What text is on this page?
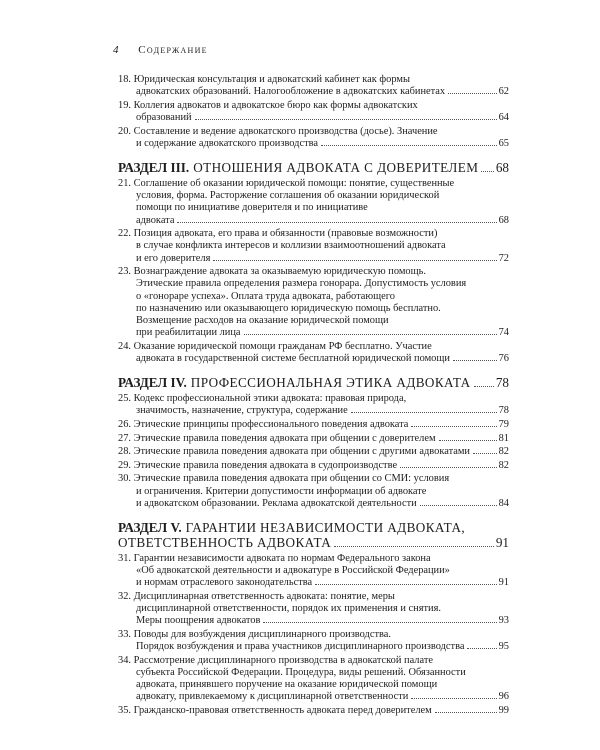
4 Содержание
18. Юридическая консультация и адвокатский кабинет как формы
адвокатских образований. Налогообложение в адвокатских кабинетах	62
19. Коллегия адвокатов и адвокатское бюро как формы адвокатских
образований	64
20. Составление и ведение адвокатского производства (досье). Значение
и содержание адвокатского производства	65
РАЗДЕЛ III. ОТНОШЕНИЯ АДВОКАТА С ДОВЕРИТЕЛЕМ 68
21. Соглашение об оказании юридической помощи: понятие, существенные
условия, форма. Расторжение соглашения об оказании юридической
помощи по инициативе доверителя и по инициативе
адвоката	68
22. Позиция адвоката, его права и обязанности (правовые возможности)
в случае конфликта интересов и коллизии взаимоотношений адвоката
и его доверителя	72
23. Вознаграждение адвоката за оказываемую юридическую помощь.
Этические правила определения размера гонорара. Допустимость условия
о «гонораре успеха». Оплата труда адвоката, работающего
по назначению или оказывающего юридическую помощь бесплатно.
Возмещение расходов на оказание юридической помощи
при реабилитации лица	74
24. Оказание юридической помощи гражданам РФ бесплатно. Участие
адвоката в государственной системе бесплатной юридической помощи	76
РАЗДЕЛ IV. ПРОФЕССИОНАЛЬНАЯ ЭТИКА АДВОКАТА 78
25. Кодекс профессиональной этики адвоката: правовая природа,
значимость, назначение, структура, содержание	78
26. Этические принципы профессионального поведения адвоката	79
27. Этические правила поведения адвоката при общении с доверителем	81
28. Этические правила поведения адвоката при общении с другими адвокатами	82
29. Этические правила поведения адвоката в судопроизводстве	82
30. Этические правила поведения адвоката при общении со СМИ: условия
и ограничения. Критерии допустимости информации об адвокате
и адвокатском образовании. Реклама адвокатской деятельности	84
РАЗДЕЛ V. ГАРАНТИИ НЕЗАВИСИМОСТИ АДВОКАТА,
ОТВЕТСТВЕННОСТЬ АДВОКАТА	91
31. Гарантии независимости адвоката по нормам Федерального закона
«Об адвокатской деятельности и адвокатуре в Российской Федерации»
и нормам отраслевого законодательства	91
32. Дисциплинарная ответственность адвоката: понятие, меры
дисциплинарной ответственности, порядок их применения и снятия.
Меры поощрения адвокатов	93
33. Поводы для возбуждения дисциплинарного производства.
Порядок возбуждения и права участников дисциплинарного производства	95
34. Рассмотрение дисциплинарного производства в адвокатской палате
субъекта Российской Федерации. Процедура, виды решений. Обязанности
адвоката, принявшего поручение на оказание юридической помощи
адвокату, привлекаемому к дисциплинарной ответственности	96
35. Гражданско-правовая ответственность адвоката перед доверителем	99
